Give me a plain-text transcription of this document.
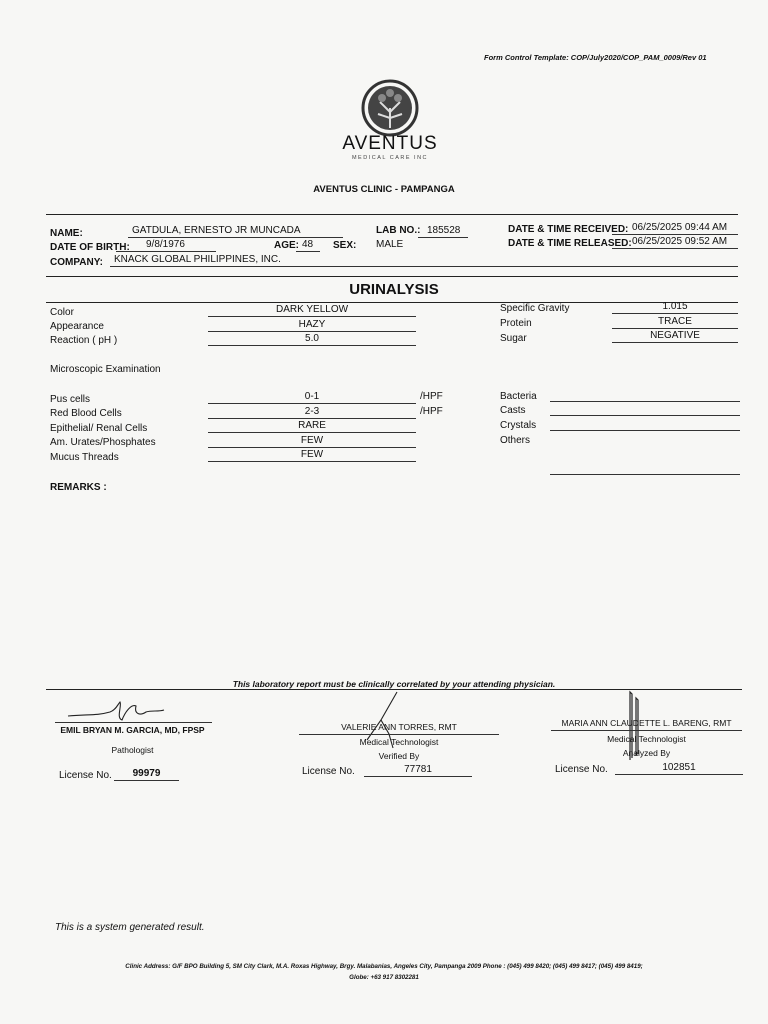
Form Control Template: COP/July2020/COP_PAM_0009/Rev 01
AVENTUS
MEDICAL CARE INC
AVENTUS CLINIC - PAMPANGA
NAME:	GATDULA, ERNESTO JR MUNCADA
DATE OF BIRTH: 9/8/1976	AGE: 48 SEX: MALE
COMPANY: KNACK GLOBAL PHILIPPINES, INC.
LAB NO.: 185528	DATE & TIME RECEIVED: 06/25/2025 09:44 AM
DATE & TIME RELEASED: 06/25/2025 09:52 AM
URINALYSIS
Color	DARK YELLOW
Appearance	HAZY
Reaction ( pH )	5.0
Specific Gravity	1.015
Protein	TRACE
Sugar	NEGATIVE
Microscopic Examination
Pus cells	0-1	/HPF
Red Blood Cells	2-3	/HPF
Epithelial/ Renal Cells	RARE
Am. Urates/Phosphates	FEW
Mucus Threads	FEW
Bacteria
Casts
Crystals
Others
REMARKS :
This laboratory report must be clinically correlated by your attending physician.
EMIL BRYAN M. GARCIA, MD, FPSP
Pathologist
License No.	99979
VALERIE ANN TORRES, RMT
Medical Technologist
Verified By
License No.	77781
MARIA ANN CLAUDETTE L. BARENG, RMT
Medical Technologist
Analyzed By
License No.	102851
This is a system generated result.
Clinic Address: G/F BPO Building 5, SM City Clark, M.A. Roxas Highway, Brgy. Malabanias, Angeles City, Pampanga 2009 Phone : (045) 499 8420; (045) 499 8417; (045) 499 8419;
Globe: +63 917 8302281
